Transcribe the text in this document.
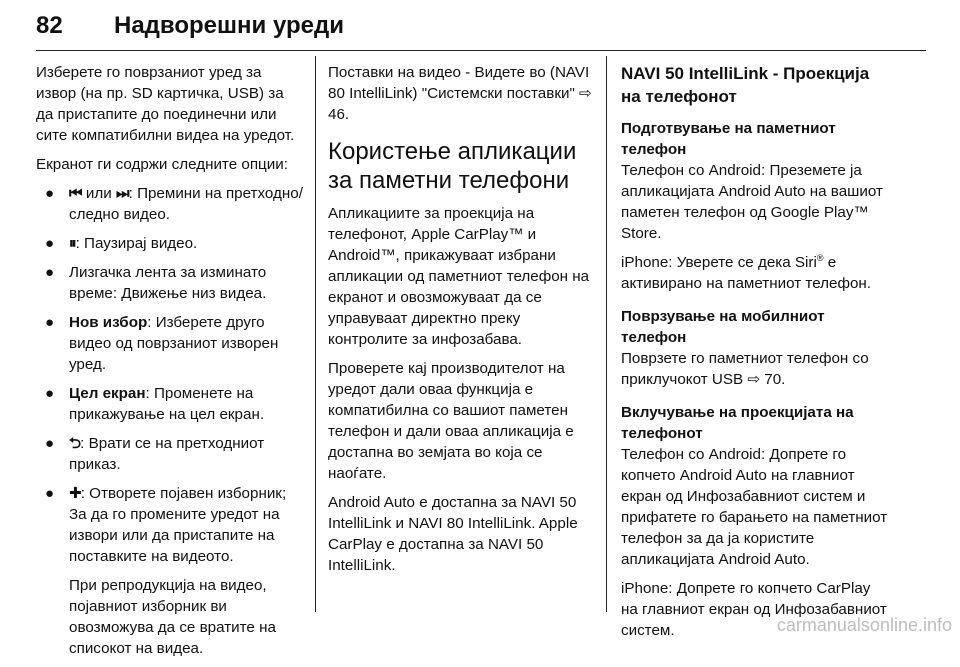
82 Надворешни уреди

Изберете го поврзаниот уред за извор (на пр. SD картичка, USB) за да пристапите до поединечни или сите компатибилни видеа на уредот.

Екранот ги содржи следните опции:

● ⏮ или ⏭: Премини на претходно/следно видео.
● ⏸: Паузирај видео.
● Лизгачка лента за изминато време: Движење низ видеа.
● Нов избор: Изберете друго видео од поврзаниот изворен уред.
● Цел екран: Променете на прикажување на цел екран.
● ⮌: Врати се на претходниот приказ.
● ✚: Отворете појавен изборник; За да го промените уредот на извори или да пристапите на поставките на видеото.

При репродукција на видео, појавниот изборник ви овозможува да се вратите на списокот на видеа.

Поставки на видео - Видете во (NAVI 80 IntelliLink) "Системски поставки" ⇨ 46.

Користење апликации за паметни телефони

Апликациите за проекција на телефонот, Apple CarPlay™ и Android™, прикажуваат избрани апликации од паметниот телефон на екранот и овозможуваат да се управуваат директно преку контролите за инфозабава.

Проверете кај производителот на уредот дали оваа функција е компатибилна со вашиот паметен телефон и дали оваа апликација е достапна во земјата во која се наоѓате.

Android Auto е достапна за NAVI 50 IntelliLink и NAVI 80 IntelliLink. Apple CarPlay е достапна за NAVI 50 IntelliLink.

NAVI 50 IntelliLink - Проекција на телефонот
Подготвување на паметниот телефон

Телефон со Android: Преземете ја апликацијата Android Auto на вашиот паметен телефон од Google Play™ Store.

iPhone: Уверете се дека Siri® е активирано на паметниот телефон.

Поврзување на мобилниот телефон

Поврзете го паметниот телефон со приклучокот USB ⇨ 70.

Вклучување на проекцијата на телефонот

Телефон со Android: Допрете го копчето Android Auto на главниот екран од Инфозабавниот систем и прифатете го барањето на паметниот телефон за да ја користите апликацијата Android Auto.

iPhone: Допрете го копчето CarPlay на главниот екран од Инфозабавниот систем.	carmanualsonline.info
